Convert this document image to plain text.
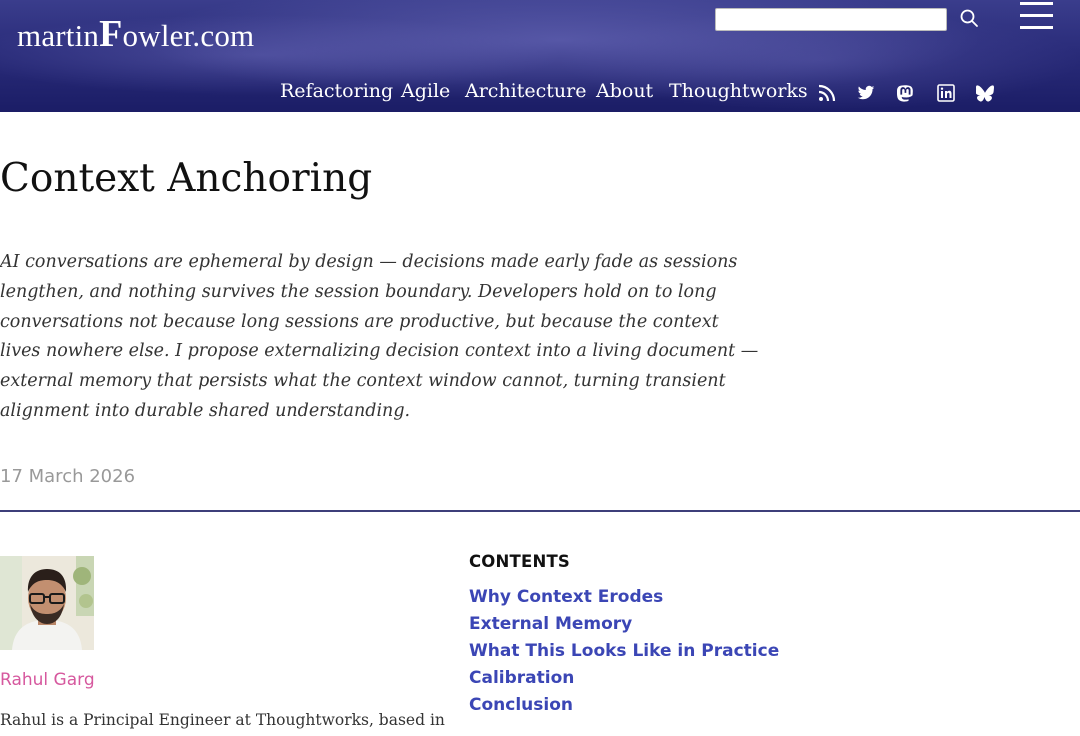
martinFowler.com
Refactoring Agile Architecture About Thoughtworks
Context Anchoring

AI conversations are ephemeral by design — decisions made early fade as sessions lengthen, and nothing survives the session boundary. Developers hold on to long conversations not because long sessions are productive, but because the context lives nowhere else. I propose externalizing decision context into a living document — external memory that persists what the context window cannot, turning transient alignment into durable shared understanding.

17 March 2026
Rahul Garg

Rahul is a Principal Engineer at Thoughtworks, based in

CONTENTS
Why Context Erodes
External Memory
What This Looks Like in Practice
Calibration
Conclusion
